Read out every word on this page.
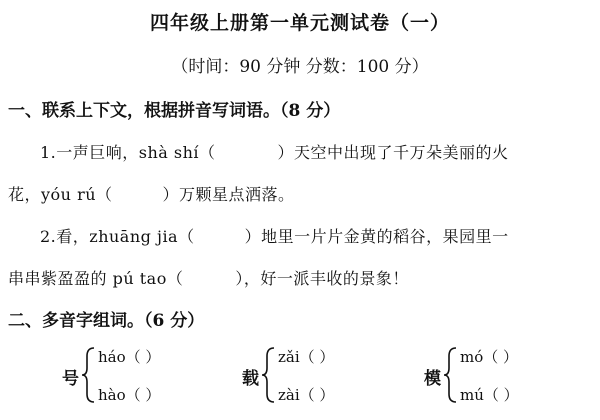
四年级上册第一单元测试卷（一）
（时间：90 分钟 分数：100 分）
一、联系上下文，根据拼音写词语。（8 分）
1.一声巨响，shà shí（	）天空中出现了千万朵美丽的火
花，yóu rú（	）万颗星点洒落。
2.看，zhuāng jia（	）地里一片片金黄的稻谷，果园里一
串串紫盈盈的 pú tao（	），好一派丰收的景象！
二、多音字组词。（6 分）
号
háo（ ）
hào（ ）
载
zǎi（ ）
zài（ ）
模
mó（ ）
mú（ ）
